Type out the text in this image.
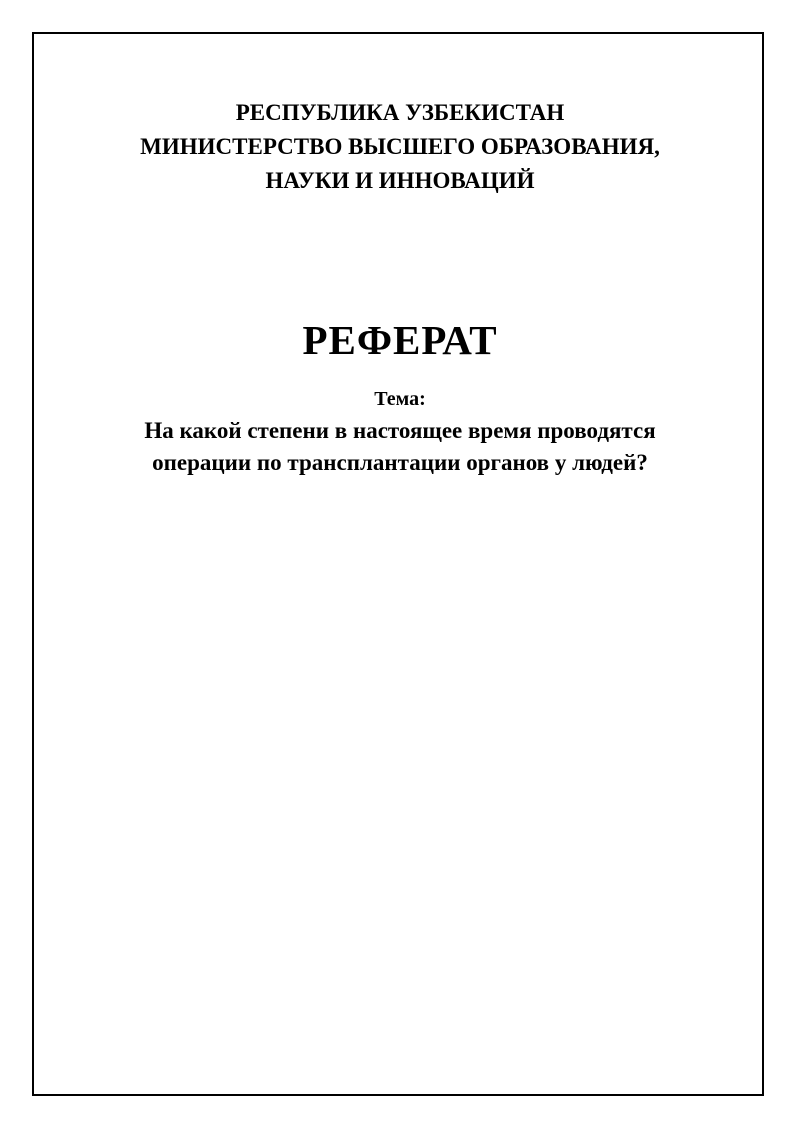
РЕСПУБЛИКА УЗБЕКИСТАН
МИНИСТЕРСТВО ВЫСШЕГО ОБРАЗОВАНИЯ,
НАУКИ И ИННОВАЦИЙ
РЕФЕРАТ
Тема:
На какой степени в настоящее время проводятся
операции по трансплантации органов у людей?
